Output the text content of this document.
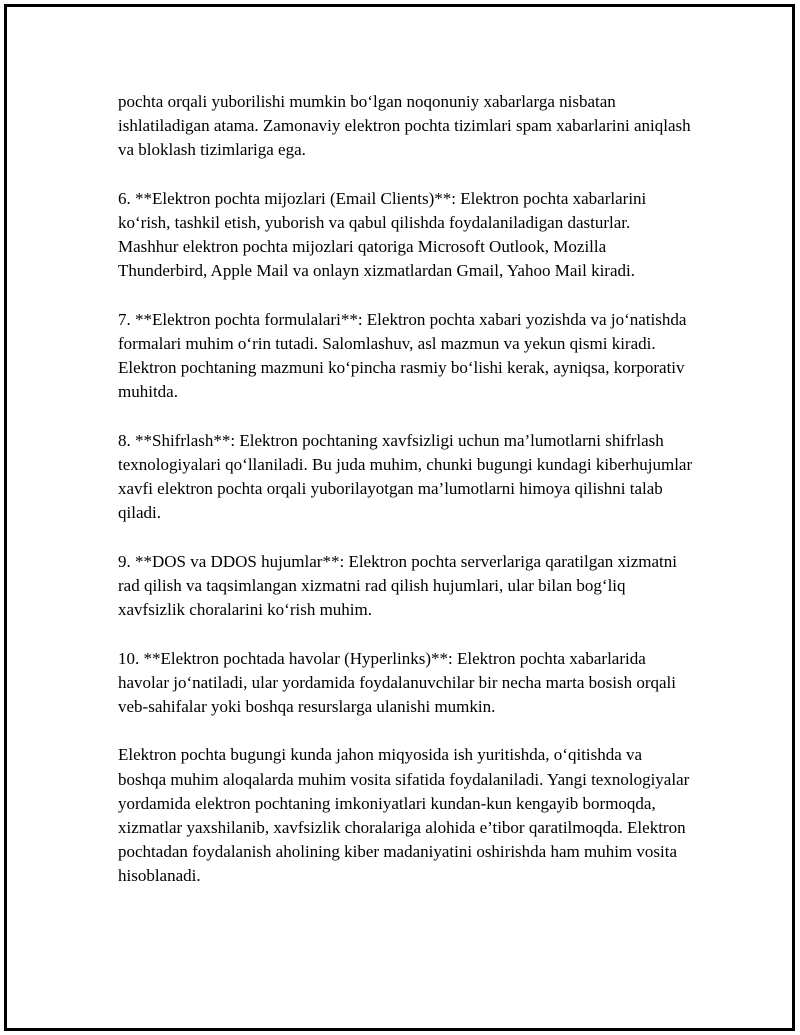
pochta orqali yuborilishi mumkin bo‘lgan noqonuniy xabarlarga nisbatan ishlatiladigan atama. Zamonaviy elektron pochta tizimlari spam xabarlarini aniqlash va bloklash tizimlariga ega.

6. **Elektron pochta mijozlari (Email Clients)**: Elektron pochta xabarlarini ko‘rish, tashkil etish, yuborish va qabul qilishda foydalaniladigan dasturlar. Mashhur elektron pochta mijozlari qatoriga Microsoft Outlook, Mozilla Thunderbird, Apple Mail va onlayn xizmatlardan Gmail, Yahoo Mail kiradi.

7. **Elektron pochta formulalari**: Elektron pochta xabari yozishda va jo‘natishda formalari muhim o‘rin tutadi. Salomlashuv, asl mazmun va yekun qismi kiradi. Elektron pochtaning mazmuni ko‘pincha rasmiy bo‘lishi kerak, ayniqsa, korporativ muhitda.

8. **Shifrlash**: Elektron pochtaning xavfsizligi uchun ma’lumotlarni shifrlash texnologiyalari qo‘llaniladi. Bu juda muhim, chunki bugungi kundagi kiberhujumlar xavfi elektron pochta orqali yuborilayotgan ma’lumotlarni himoya qilishni talab qiladi.

9. **DOS va DDOS hujumlar**: Elektron pochta serverlariga qaratilgan xizmatni rad qilish va taqsimlangan xizmatni rad qilish hujumlari, ular bilan bog‘liq xavfsizlik choralarini ko‘rish muhim.

10. **Elektron pochtada havolar (Hyperlinks)**: Elektron pochta xabarlarida havolar jo‘natiladi, ular yordamida foydalanuvchilar bir necha marta bosish orqali veb-sahifalar yoki boshqa resurslarga ulanishi mumkin.

Elektron pochta bugungi kunda jahon miqyosida ish yuritishda, o‘qitishda va boshqa muhim aloqalarda muhim vosita sifatida foydalaniladi. Yangi texnologiyalar yordamida elektron pochtaning imkoniyatlari kundan-kun kengayib bormoqda, xizmatlar yaxshilanib, xavfsizlik choralariga alohida e’tibor qaratilmoqda. Elektron pochtadan foydalanish aholining kiber madaniyatini oshirishda ham muhim vosita hisoblanadi.
